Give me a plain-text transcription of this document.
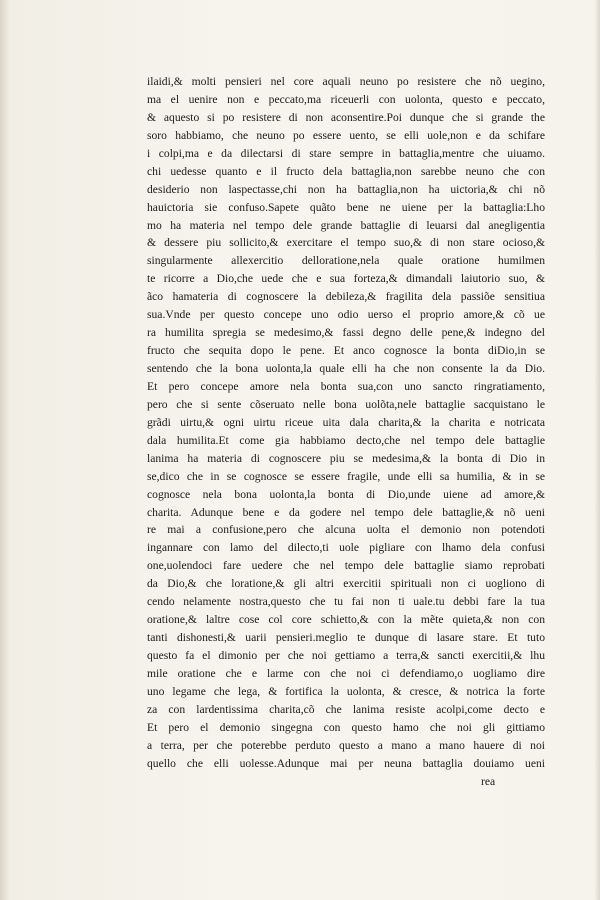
ilaidi,& molti pensieri nel core aquali neuno po resistere che nõ uegino,
ma el uenire non e peccato,ma riceuerli con uolonta, questo e peccato,
& aquesto si po resistere di non aconsentire.Poi dunque che si grande the
soro habbiamo, che neuno po essere uento, se elli uole,non e da schifare
i colpi,ma e da dilectarsi di stare sempre in battaglia,mentre che uiuamo.
chi uedesse quanto e il fructo dela battaglia,non sarebbe neuno che con
desiderio non laspectasse,chi non ha battaglia,non ha uictoria,& chi nõ
hauictoria sie confuso.Sapete quãto bene ne uiene per la battaglia:Lho
mo ha materia nel tempo dele grande battaglie di leuarsi dal anegligentia
& dessere piu sollicito,& exercitare el tempo suo,& di non stare ocioso,&
singularmente allexercitio dellorationе,nela quale oratione humilmen
te ricorre a Dio,che uede che e sua forteza,& dimandali laiutorio suo, &
ãco hamateria di cognoscere la debileza,& fragilita dela passiõe sensitiua
sua.Vnde per questo concepe uno odio uerso el proprio amore,& cõ ue
ra humilita spregia se medesimo,& fassi degno delle pene,& indegno del
fructo che sequita dopo le pene. Et anco cognosce la bonta diDio,in se
sentendo che la bona uolonta,la quale elli ha che non consente la da Dio.
Et pero concepe amore nela bonta sua,con uno sancto ringratiamento,
pero che si sente cõseruato nelle bona uolõta,nele battaglie sacquistano le
grãdi uirtu,& ogni uirtu riceue uita dala charita,& la charita e notricata
dala humilita.Et come gia habbiamo decto,che nel tempo dele battaglie
lanima ha materia di cognoscere piu se medesima,& la bonta di Dio in
se,dico che in se cognosce se essere fragile, unde elli sa humilia, & in se
cognosce nela bona uolonta,la bonta di Dio,unde uiene ad amore,&
charita. Adunque bene e da godere nel tempo dele battaglie,& nõ ueni
re mai a confusione,pero che alcuna uolta el demonio non potendoti
ingannare con lamo del dilecto,ti uole pigliare con lhamo dela confusi
one,uolendoci fare uedere che nel tempo dele battaglie siamo reprobati
da Dio,& che loratione,& gli altri exercitii spirituali non ci uogliono di
cendo nelamente nostra,questo che tu fai non ti uale.tu debbi fare la tua
oratione,& laltre cose col core schietto,& con la mẽte quieta,& non con
tanti dishonesti,& uarii pensieri.meglio te dunque di lasare stare. Et tuto
questo fa el dimonio per che noi gettiamo a terra,& sancti exercitii,& lhu
mile oratione che e larme con che noi ci defendiamo,o uogliamo dire
uno legame che lega, & fortifica la uolonta, & cresce, & notrica la forte
za con lardentissima charita,cõ che lanima resiste acolpi,come decto e
Et pero el demonio singegna con questo hamo che noi gli gittiamo
a terra, per che poterebbe perduto questo a mano a mano hauere di noi
quello che elli uolesse.Adunque mai per neuna battaglia douiamo ueni
rea
